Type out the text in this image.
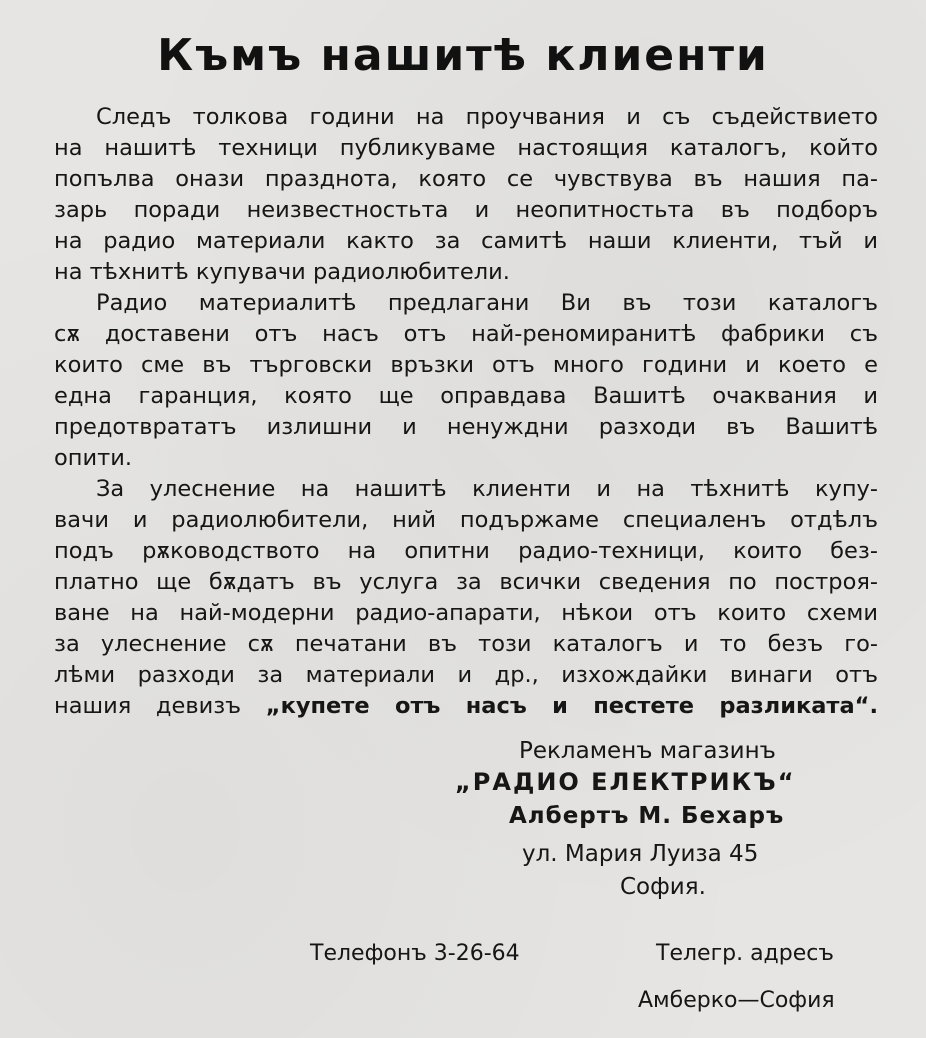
Къмъ нашитѣ клиенти
Следъ толкова години на проучвания и съ съдействието
на нашитѣ техници публикуваме настоящия каталогъ, който
попълва онази празднота, която се чувствува въ нашия па-
зарь поради неизвестностьта и неопитностьта въ подборъ
на радио материали както за самитѣ наши клиенти, тъй и
на тѣхнитѣ купувачи радиолюбители.
Радио материалитѣ предлагани Ви въ този каталогъ
сѫ доставени отъ насъ отъ най-реномиранитѣ фабрики съ
които сме въ търговски връзки отъ много години и което е
една гаранция, която ще оправдава Вашитѣ очаквания и
предотврататъ излишни и ненуждни разходи въ Вашитѣ
опити.
За улеснение на нашитѣ клиенти и на тѣхнитѣ купу-
вачи и радиолюбители, ний подържаме специаленъ отдѣлъ
подъ рѫководството на опитни радио-техници, които без-
платно ще бѫдатъ въ услуга за всички сведения по построя-
ване на най-модерни радио-апарати, нѣкои отъ които схеми
за улеснение сѫ печатани въ този каталогъ и то безъ го-
лѣми разходи за материали и др., изхождайки винаги отъ
нашия девизъ „купете отъ насъ и пестете разликата“.
Рекламенъ магазинъ
„РАДИО ЕЛЕКТРИКЪ“
Албертъ М. Бехаръ
ул. Мария Луиза 45
София.
Телефонъ 3-26-64	Телегр. адресъ
Амберко—София
